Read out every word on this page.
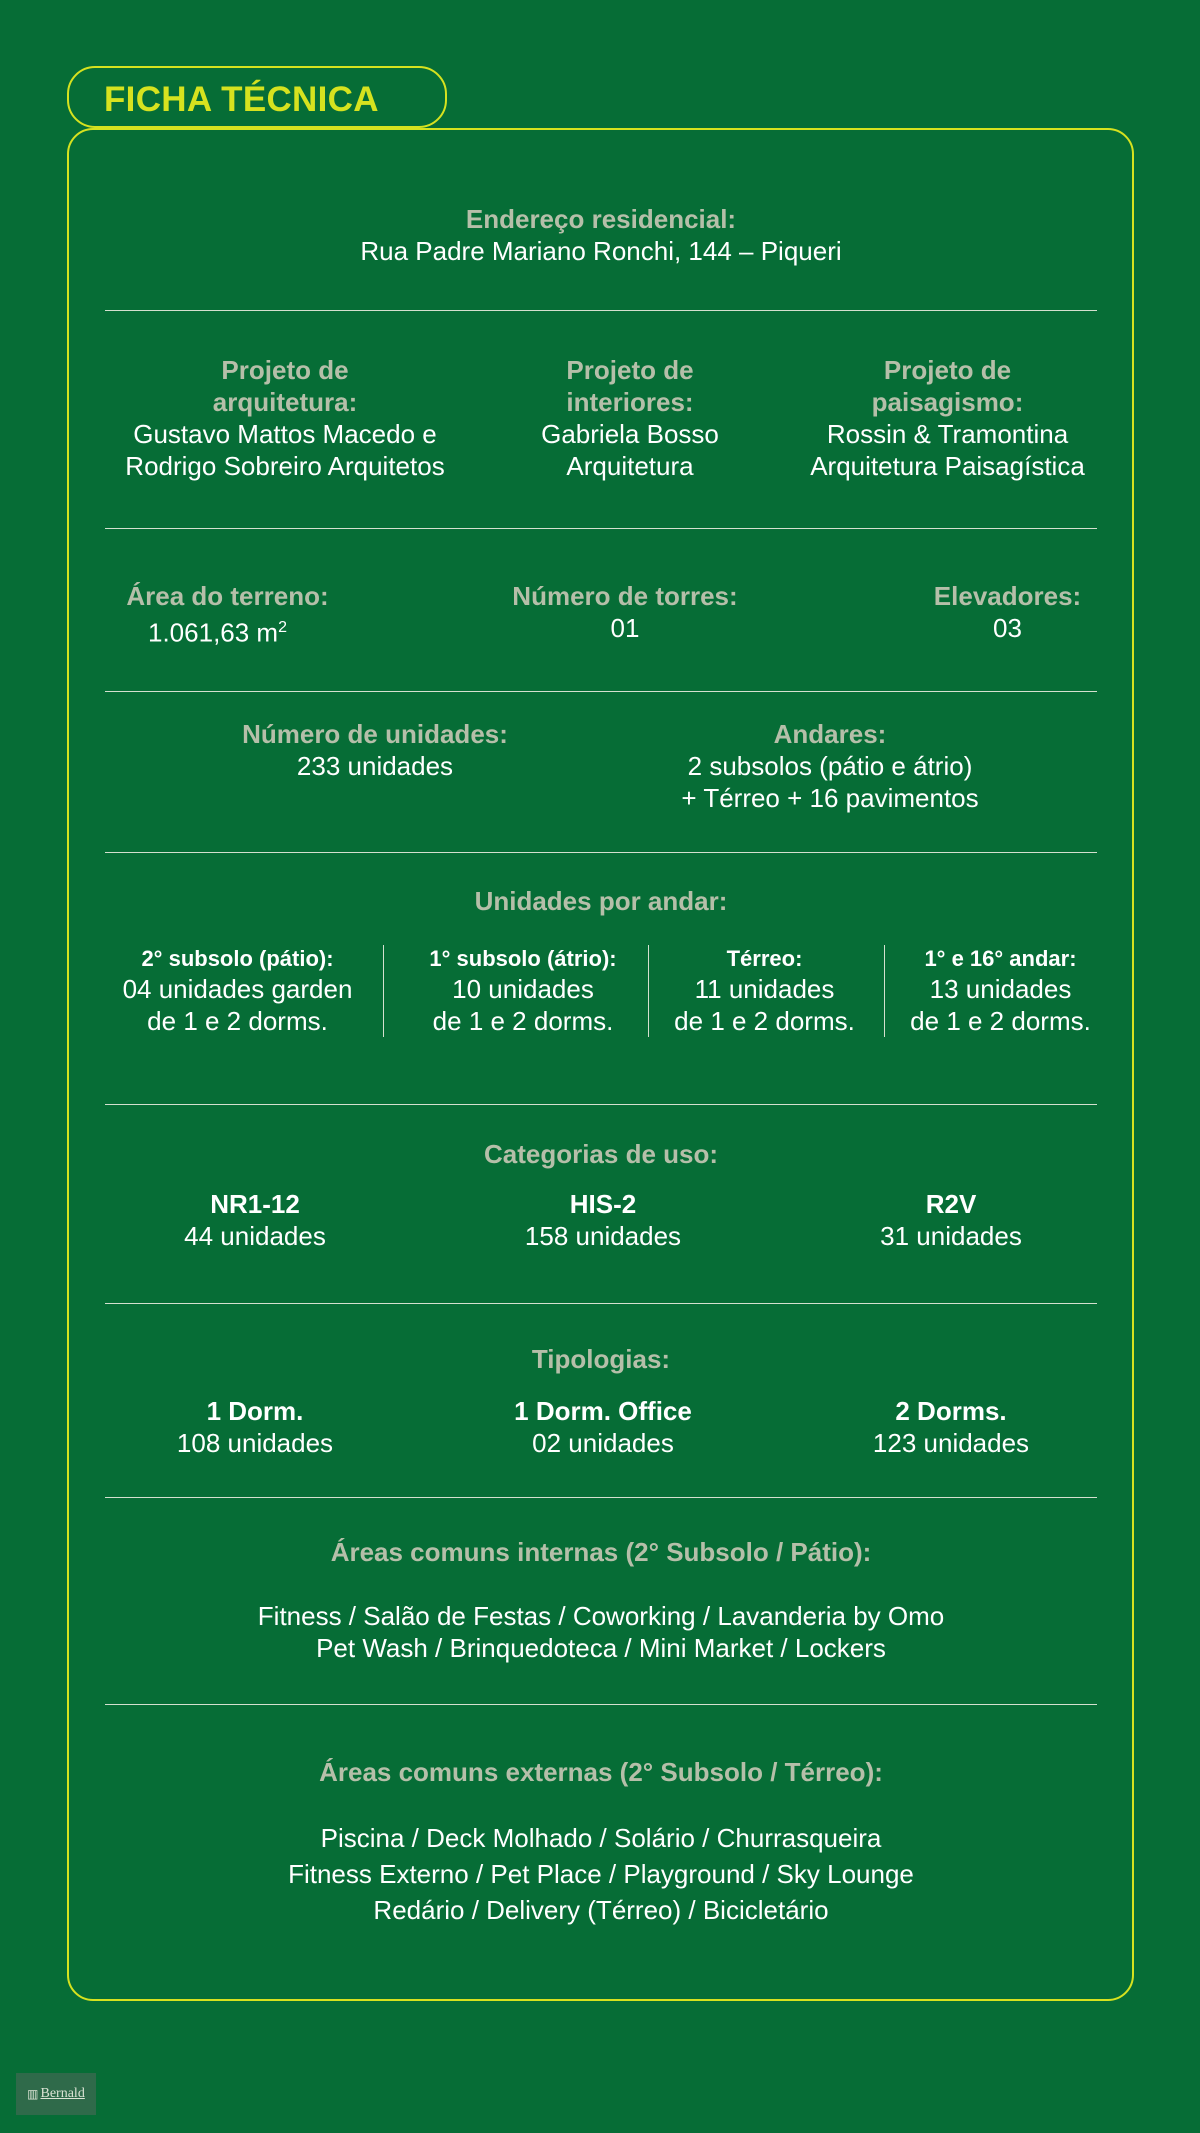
FICHA TÉCNICA
Endereço residencial:
Rua Padre Mariano Ronchi, 144 – Piqueri
Projeto de
arquitetura:
Gustavo Mattos Macedo e
Rodrigo Sobreiro Arquitetos
Projeto de
interiores:
Gabriela Bosso
Arquitetura
Projeto de
paisagismo:
Rossin & Tramontina
Arquitetura Paisagística
Área do terreno:
1.061,63 $m^2$
Número de torres:
01
Elevadores:
03
Número de unidades:
233 unidades
Andares:
2 subsolos (pátio e átrio)
+ Térreo + 16 pavimentos
Unidades por andar:
2° subsolo (pátio):
04 unidades garden
de 1 e 2 dorms.
1° subsolo (átrio):
10 unidades
de 1 e 2 dorms.
Térreo:
11 unidades
de 1 e 2 dorms.
1° e 16° andar:
13 unidades
de 1 e 2 dorms.
Categorias de uso:
NR1-12
44 unidades
HIS-2
158 unidades
R2V
31 unidades
Tipologias:
1 Dorm.
108 unidades
1 Dorm. Office
02 unidades
2 Dorms.
123 unidades
Áreas comuns internas (2° Subsolo / Pátio):
Fitness / Salão de Festas / Coworking / Lavanderia by Omo
Pet Wash / Brinquedoteca / Mini Market / Lockers
Áreas comuns externas (2° Subsolo / Térreo):
Piscina / Deck Molhado / Solário / Churrasqueira
Fitness Externo / Pet Place / Playground / Sky Lounge
Redário / Delivery (Térreo) / Bicicletário
▥ Bernald
